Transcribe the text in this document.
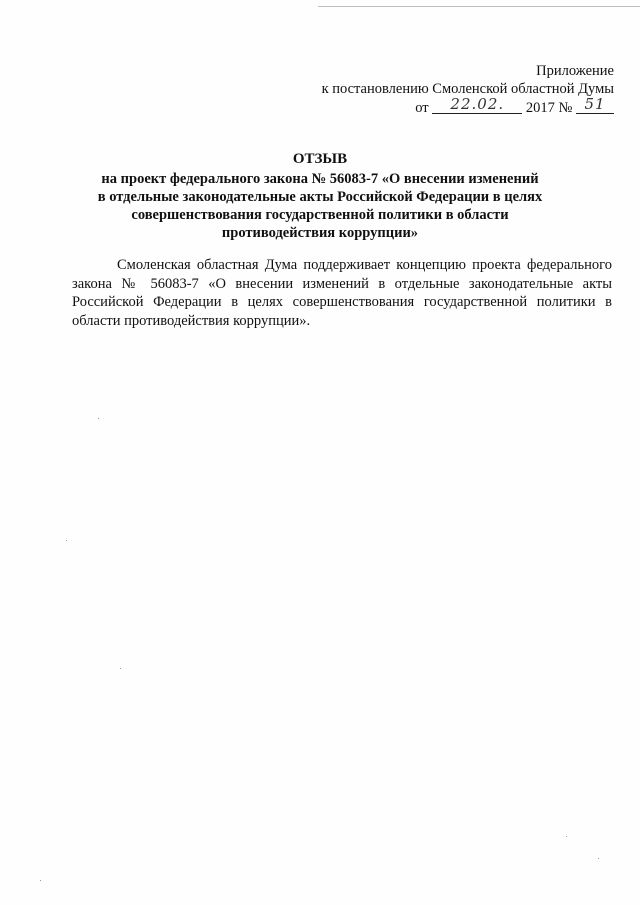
Приложение
к постановлению Смоленской областной Думы
от 22.02. 2017 № 51
ОТЗЫВ
на проект федерального закона № 56083-7 «О внесении изменений
в отдельные законодательные акты Российской Федерации в целях
совершенствования государственной политики в области
противодействия коррупции»
Смоленская областная Дума поддерживает концепцию проекта федерального закона № 56083-7 «О внесении изменений в отдельные законодательные акты Российской Федерации в целях совершенствования государственной политики в области противодействия коррупции».
